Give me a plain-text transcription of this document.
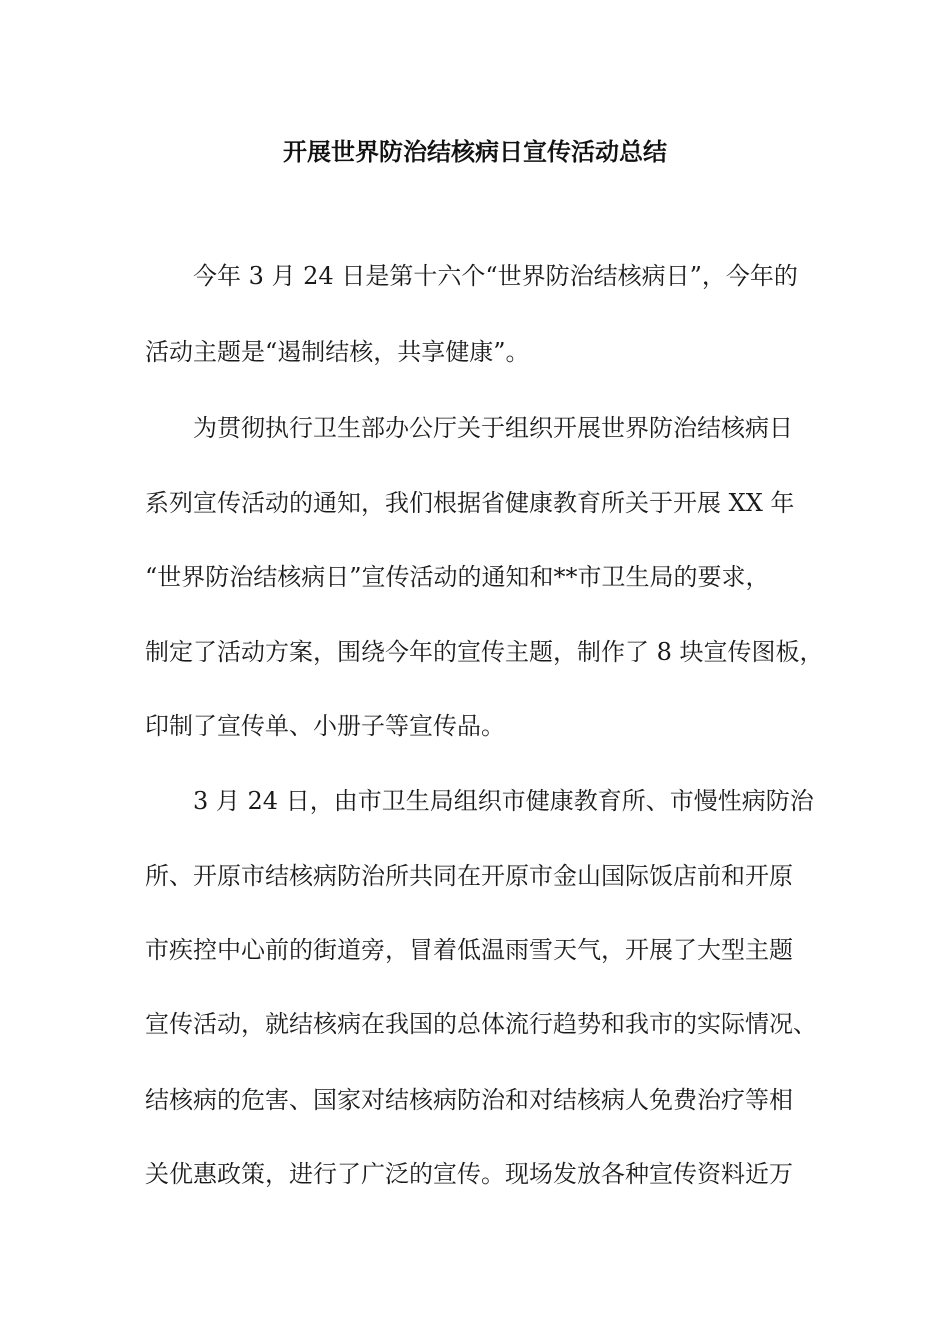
开展世界防治结核病日宣传活动总结
今年 3 月 24 日是第十六个“世界防治结核病日”，今年的
活动主题是“遏制结核，共享健康”。
为贯彻执行卫生部办公厅关于组织开展世界防治结核病日
系列宣传活动的通知，我们根据省健康教育所关于开展 XX 年
“世界防治结核病日”宣传活动的通知和**市卫生局的要求，
制定了活动方案，围绕今年的宣传主题，制作了 8 块宣传图板，
印制了宣传单、小册子等宣传品。
3 月 24 日，由市卫生局组织市健康教育所、市慢性病防治
所、开原市结核病防治所共同在开原市金山国际饭店前和开原
市疾控中心前的街道旁，冒着低温雨雪天气，开展了大型主题
宣传活动，就结核病在我国的总体流行趋势和我市的实际情况、
结核病的危害、国家对结核病防治和对结核病人免费治疗等相
关优惠政策，进行了广泛的宣传。现场发放各种宣传资料近万
